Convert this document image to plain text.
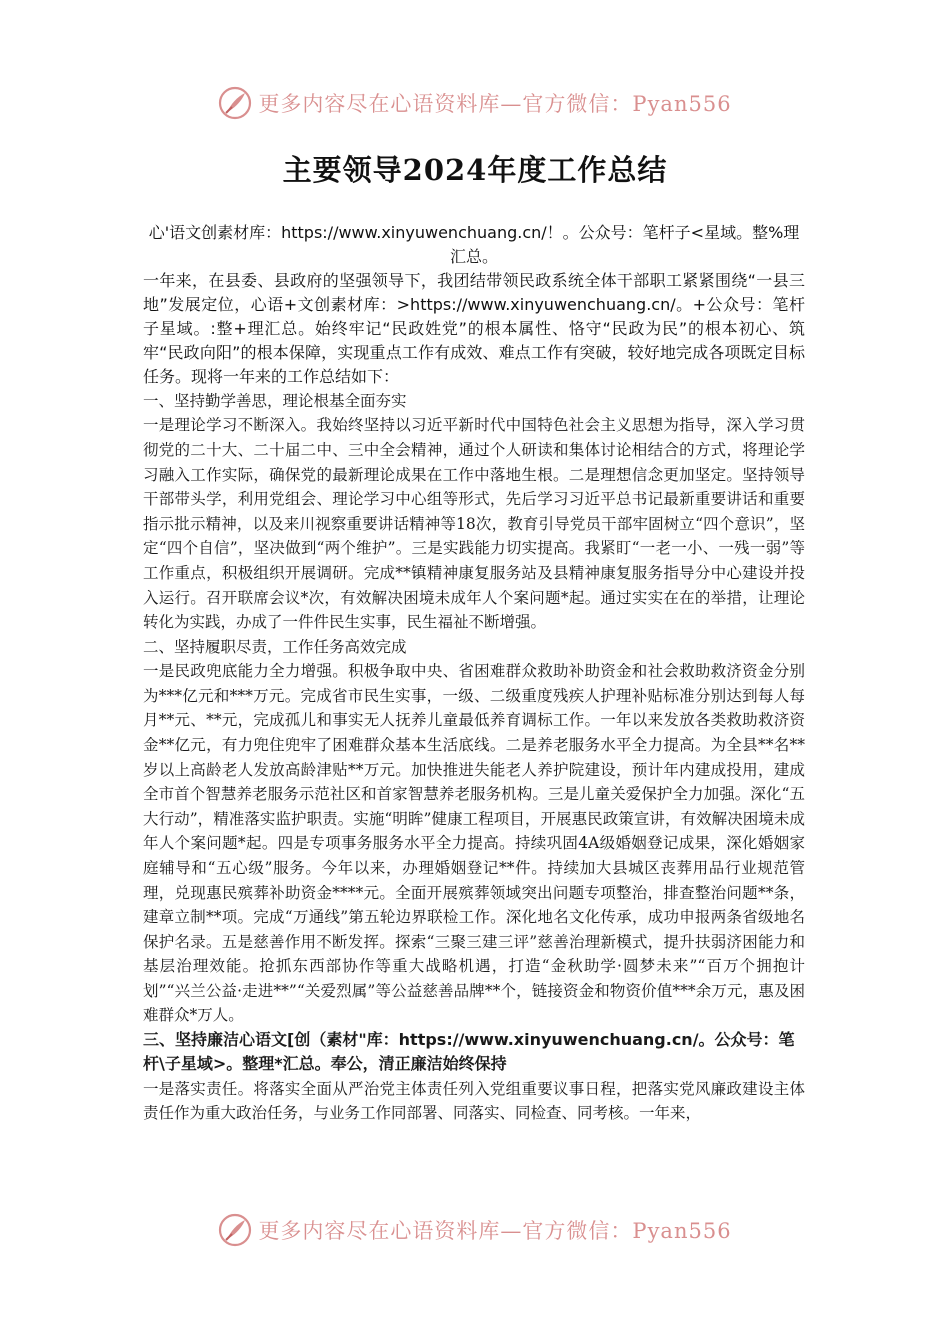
更多内容尽在心语资料库—官方微信：Pyan556
主要领导2024年度工作总结

心'语文创素材库：https://www.xinyuwenchuang.cn/！。公众号：笔杆子<星域。整%理汇总。

一年来，在县委、县政府的坚强领导下，我团结带领民政系统全体干部职工紧紧围绕“一县三地”发展定位，心语+文创素材库：>https://www.xinyuwenchuang.cn/。+公众号：笔杆子星域。:整+理汇总。始终牢记“民政姓党”的根本属性、恪守“民政为民”的根本初心、筑牢“民政向阳”的根本保障，实现重点工作有成效、难点工作有突破，较好地完成各项既定目标任务。现将一年来的工作总结如下：

一、坚持勤学善思，理论根基全面夯实

一是理论学习不断深入。我始终坚持以习近平新时代中国特色社会主义思想为指导，深入学习贯彻党的二十大、二十届二中、三中全会精神，通过个人研读和集体讨论相结合的方式，将理论学习融入工作实际，确保党的最新理论成果在工作中落地生根。二是理想信念更加坚定。坚持领导干部带头学，利用党组会、理论学习中心组等形式，先后学习习近平总书记最新重要讲话和重要指示批示精神，以及来川视察重要讲话精神等18次，教育引导党员干部牢固树立“四个意识”，坚定“四个自信”，坚决做到“两个维护”。三是实践能力切实提高。我紧盯“一老一小、一残一弱”等工作重点，积极组织开展调研。完成**镇精神康复服务站及县精神康复服务指导分中心建设并投入运行。召开联席会议*次，有效解决困境未成年人个案问题*起。通过实实在在的举措，让理论转化为实践，办成了一件件民生实事，民生福祉不断增强。

二、坚持履职尽责，工作任务高效完成

一是民政兜底能力全力增强。积极争取中央、省困难群众救助补助资金和社会救助救济资金分别为***亿元和***万元。完成省市民生实事，一级、二级重度残疾人护理补贴标准分别达到每人每月**元、**元，完成孤儿和事实无人抚养儿童最低养育调标工作。一年以来发放各类救助救济资金**亿元，有力兜住兜牢了困难群众基本生活底线。二是养老服务水平全力提高。为全县**名**岁以上高龄老人发放高龄津贴**万元。加快推进失能老人养护院建设，预计年内建成投用，建成全市首个智慧养老服务示范社区和首家智慧养老服务机构。三是儿童关爱保护全力加强。深化“五大行动”，精准落实监护职责。实施“明眸”健康工程项目，开展惠民政策宣讲，有效解决困境未成年人个案问题*起。四是专项事务服务水平全力提高。持续巩固4A级婚姻登记成果，深化婚姻家庭辅导和“五心级”服务。今年以来，办理婚姻登记**件。持续加大县城区丧葬用品行业规范管理，兑现惠民殡葬补助资金****元。全面开展殡葬领域突出问题专项整治，排查整治问题**条，建章立制**项。完成“万通线”第五轮边界联检工作。深化地名文化传承，成功申报两条省级地名保护名录。五是慈善作用不断发挥。探索“三聚三建三评”慈善治理新模式，提升扶弱济困能力和基层治理效能。抢抓东西部协作等重大战略机遇，打造“金秋助学·圆梦未来”“百万个拥抱计划”“兴兰公益·走进**”“关爱烈属”等公益慈善品牌**个，链接资金和物资价值***余万元，惠及困难群众*万人。

三、坚持廉洁心语文[创（素材"库：https://www.xinyuwenchuang.cn/。公众号：笔杆\子星域>。整理*汇总。奉公，清正廉洁始终保持

一是落实责任。将落实全面从严治党主体责任列入党组重要议事日程，把落实党风廉政建设主体责任作为重大政治任务，与业务工作同部署、同落实、同检查、同考核。一年来，

更多内容尽在心语资料库—官方微信：Pyan556
